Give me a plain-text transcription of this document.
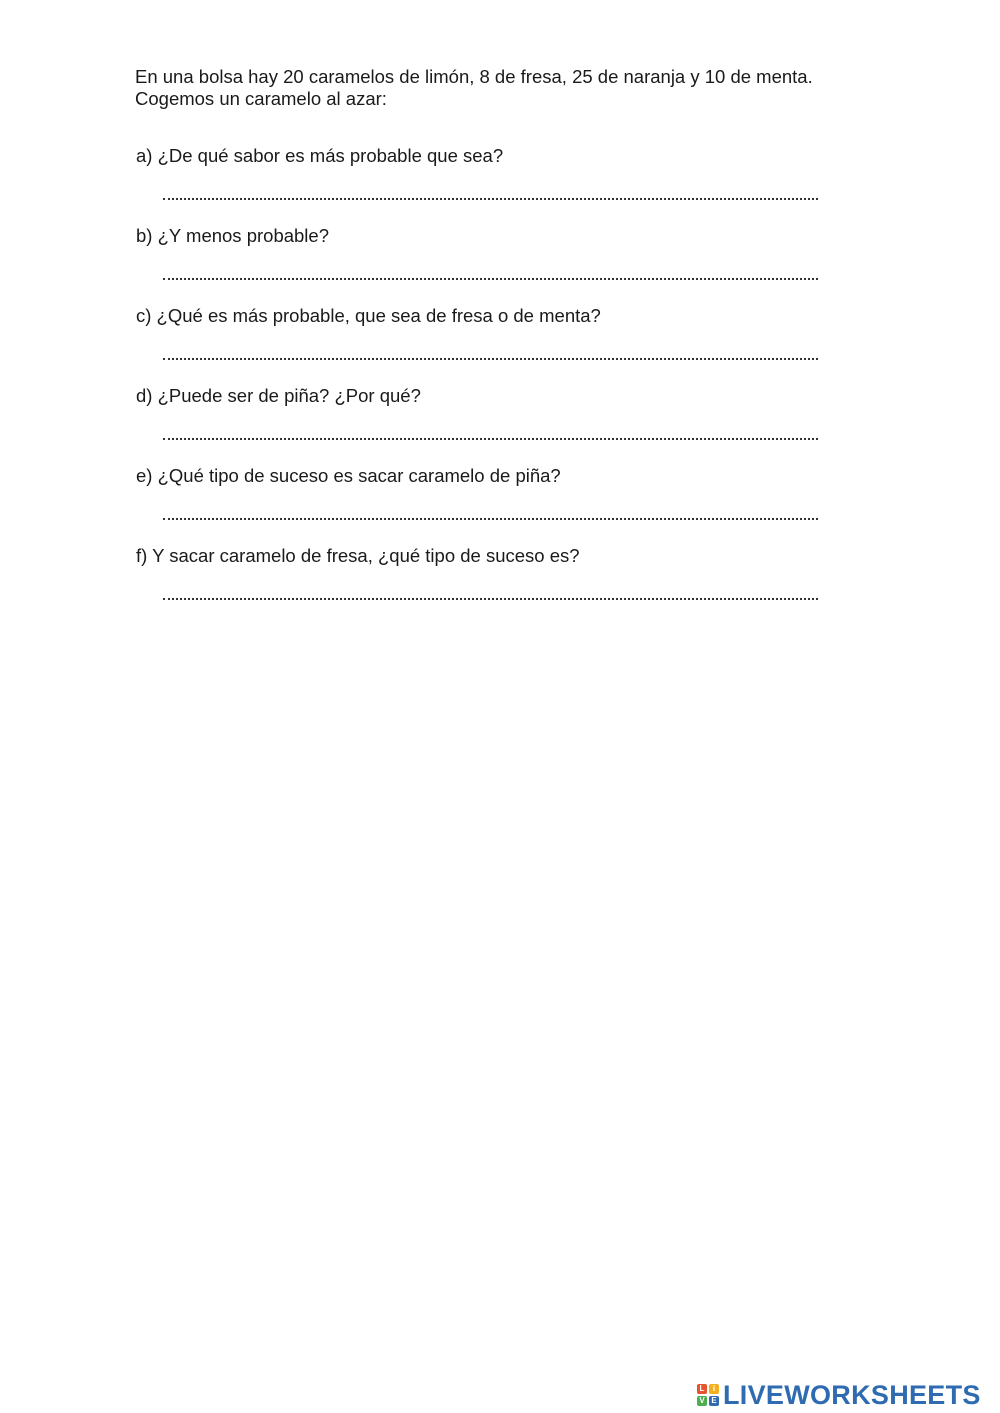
En una bolsa hay 20 caramelos de limón, 8 de fresa, 25 de naranja y 10 de menta.
Cogemos un caramelo al azar:
a) ¿De qué sabor es más probable que sea?
b) ¿Y menos probable?
c) ¿Qué es más probable, que sea de fresa o de menta?
d) ¿Puede ser de piña? ¿Por qué?
e) ¿Qué tipo de suceso es sacar caramelo de piña?
f) Y sacar caramelo de fresa, ¿qué tipo de suceso es?
L	i
V E LIVEWORKSHEETS
